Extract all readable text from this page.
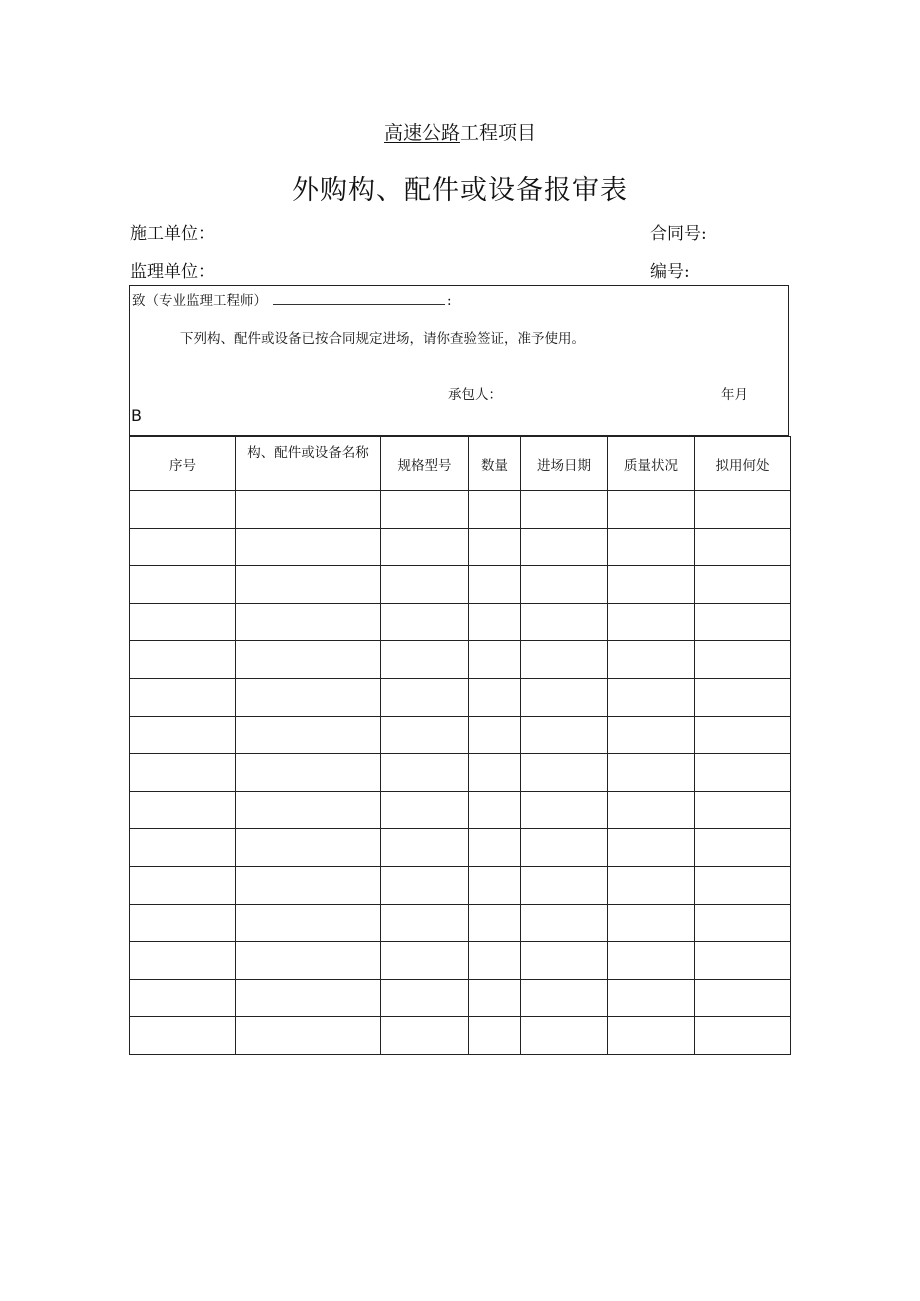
高速公路工程项目
外购构、配件或设备报审表
施工单位：	合同号:
监理单位：	编号:
致（专业监理工程师）	:
下列构、配件或设备已按合同规定进场，请你查验签证，准予使用。
承包人：	年月
B
序号	构、配件或设备名称	规格型号	数量	进场日期	质量状况	拟用何处
